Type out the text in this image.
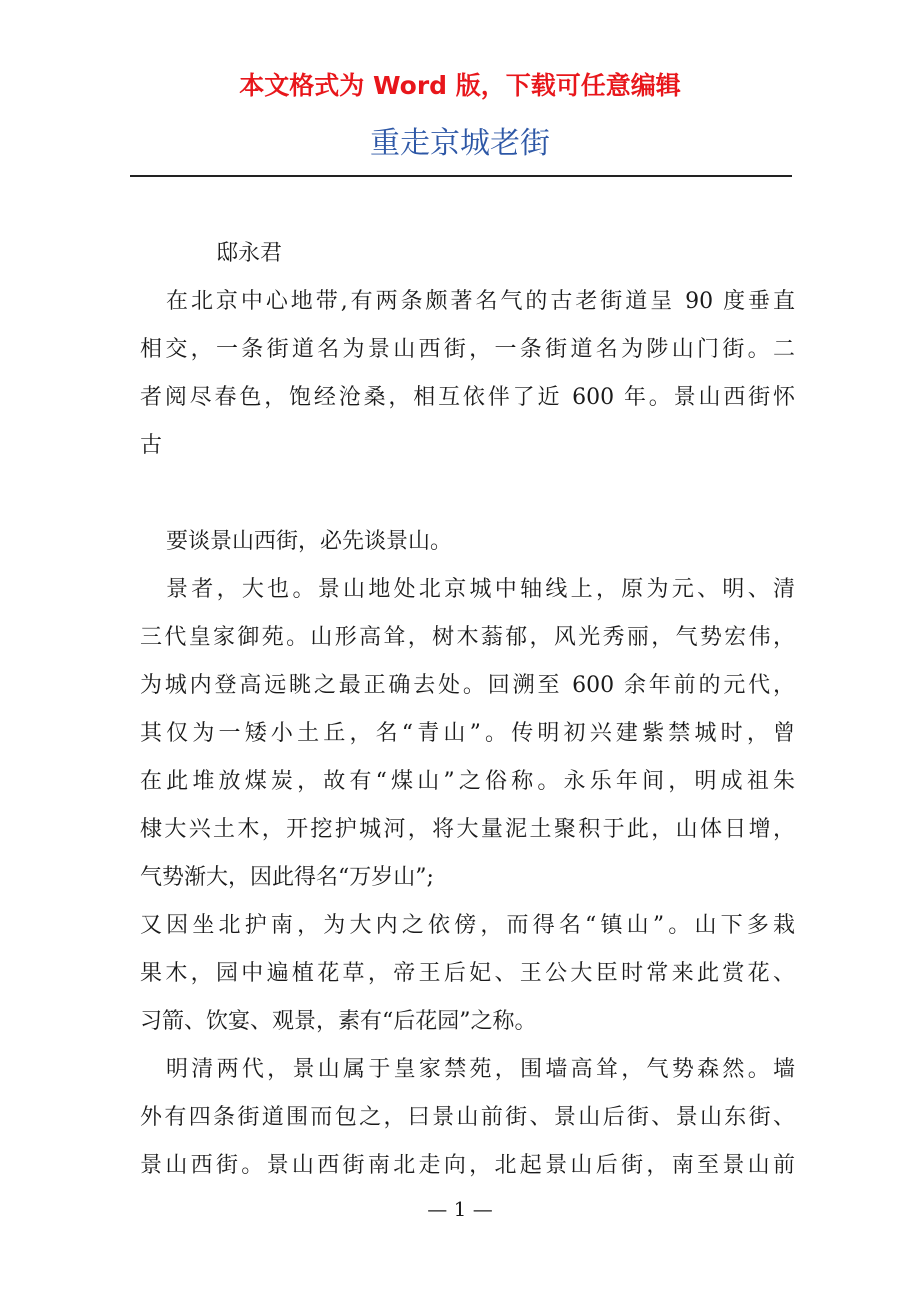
本文格式为 Word 版，下载可任意编辑
重走京城老街
邸永君
在北京中心地带,有两条颇著名气的古老街道呈 90 度垂直
相交，一条街道名为景山西街，一条街道名为陟山门街。二
者阅尽春色，饱经沧桑，相互依伴了近 600 年。景山西街怀
古
要谈景山西街，必先谈景山。
景者，大也。景山地处北京城中轴线上，原为元、明、清
三代皇家御苑。山形高耸，树木蓊郁，风光秀丽，气势宏伟，
为城内登高远眺之最正确去处。回溯至 600 余年前的元代，
其仅为一矮小土丘，名“青山”。传明初兴建紫禁城时，曾
在此堆放煤炭，故有“煤山”之俗称。永乐年间，明成祖朱
棣大兴土木，开挖护城河，将大量泥土聚积于此，山体日增，
气势渐大，因此得名“万岁山”;
又因坐北护南，为大内之依傍，而得名“镇山”。山下多栽
果木，园中遍植花草，帝王后妃、王公大臣时常来此赏花、
习箭、饮宴、观景，素有“后花园”之称。
明清两代，景山属于皇家禁苑，围墙高耸，气势森然。墙
外有四条街道围而包之，曰景山前街、景山后街、景山东街、
景山西街。景山西街南北走向，北起景山后街，南至景山前
— 1 —
